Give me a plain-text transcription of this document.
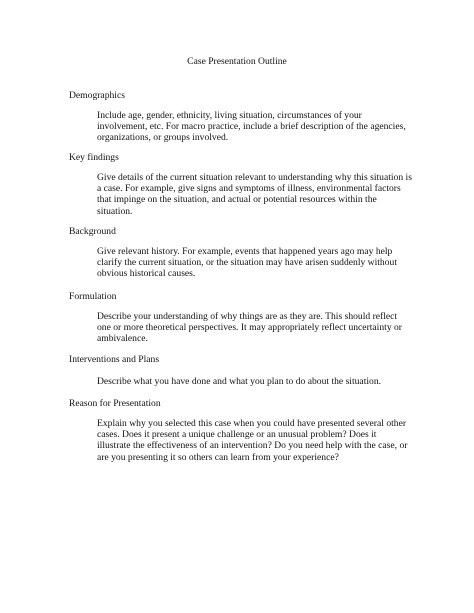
Case Presentation Outline
Demographics
Include age, gender, ethnicity, living situation, circumstances of your
involvement, etc. For macro practice, include a brief description of the agencies,
organizations, or groups involved.
Key findings
Give details of the current situation relevant to understanding why this situation is
a case. For example, give signs and symptoms of illness, environmental factors
that impinge on the situation, and actual or potential resources within the
situation.
Background
Give relevant history. For example, events that happened years ago may help
clarify the current situation, or the situation may have arisen suddenly without
obvious historical causes.
Formulation
Describe your understanding of why things are as they are. This should reflect
one or more theoretical perspectives. It may appropriately reflect uncertainty or
ambivalence.
Interventions and Plans
Describe what you have done and what you plan to do about the situation.
Reason for Presentation
Explain why you selected this case when you could have presented several other
cases. Does it present a unique challenge or an unusual problem? Does it
illustrate the effectiveness of an intervention? Do you need help with the case, or
are you presenting it so others can learn from your experience?
